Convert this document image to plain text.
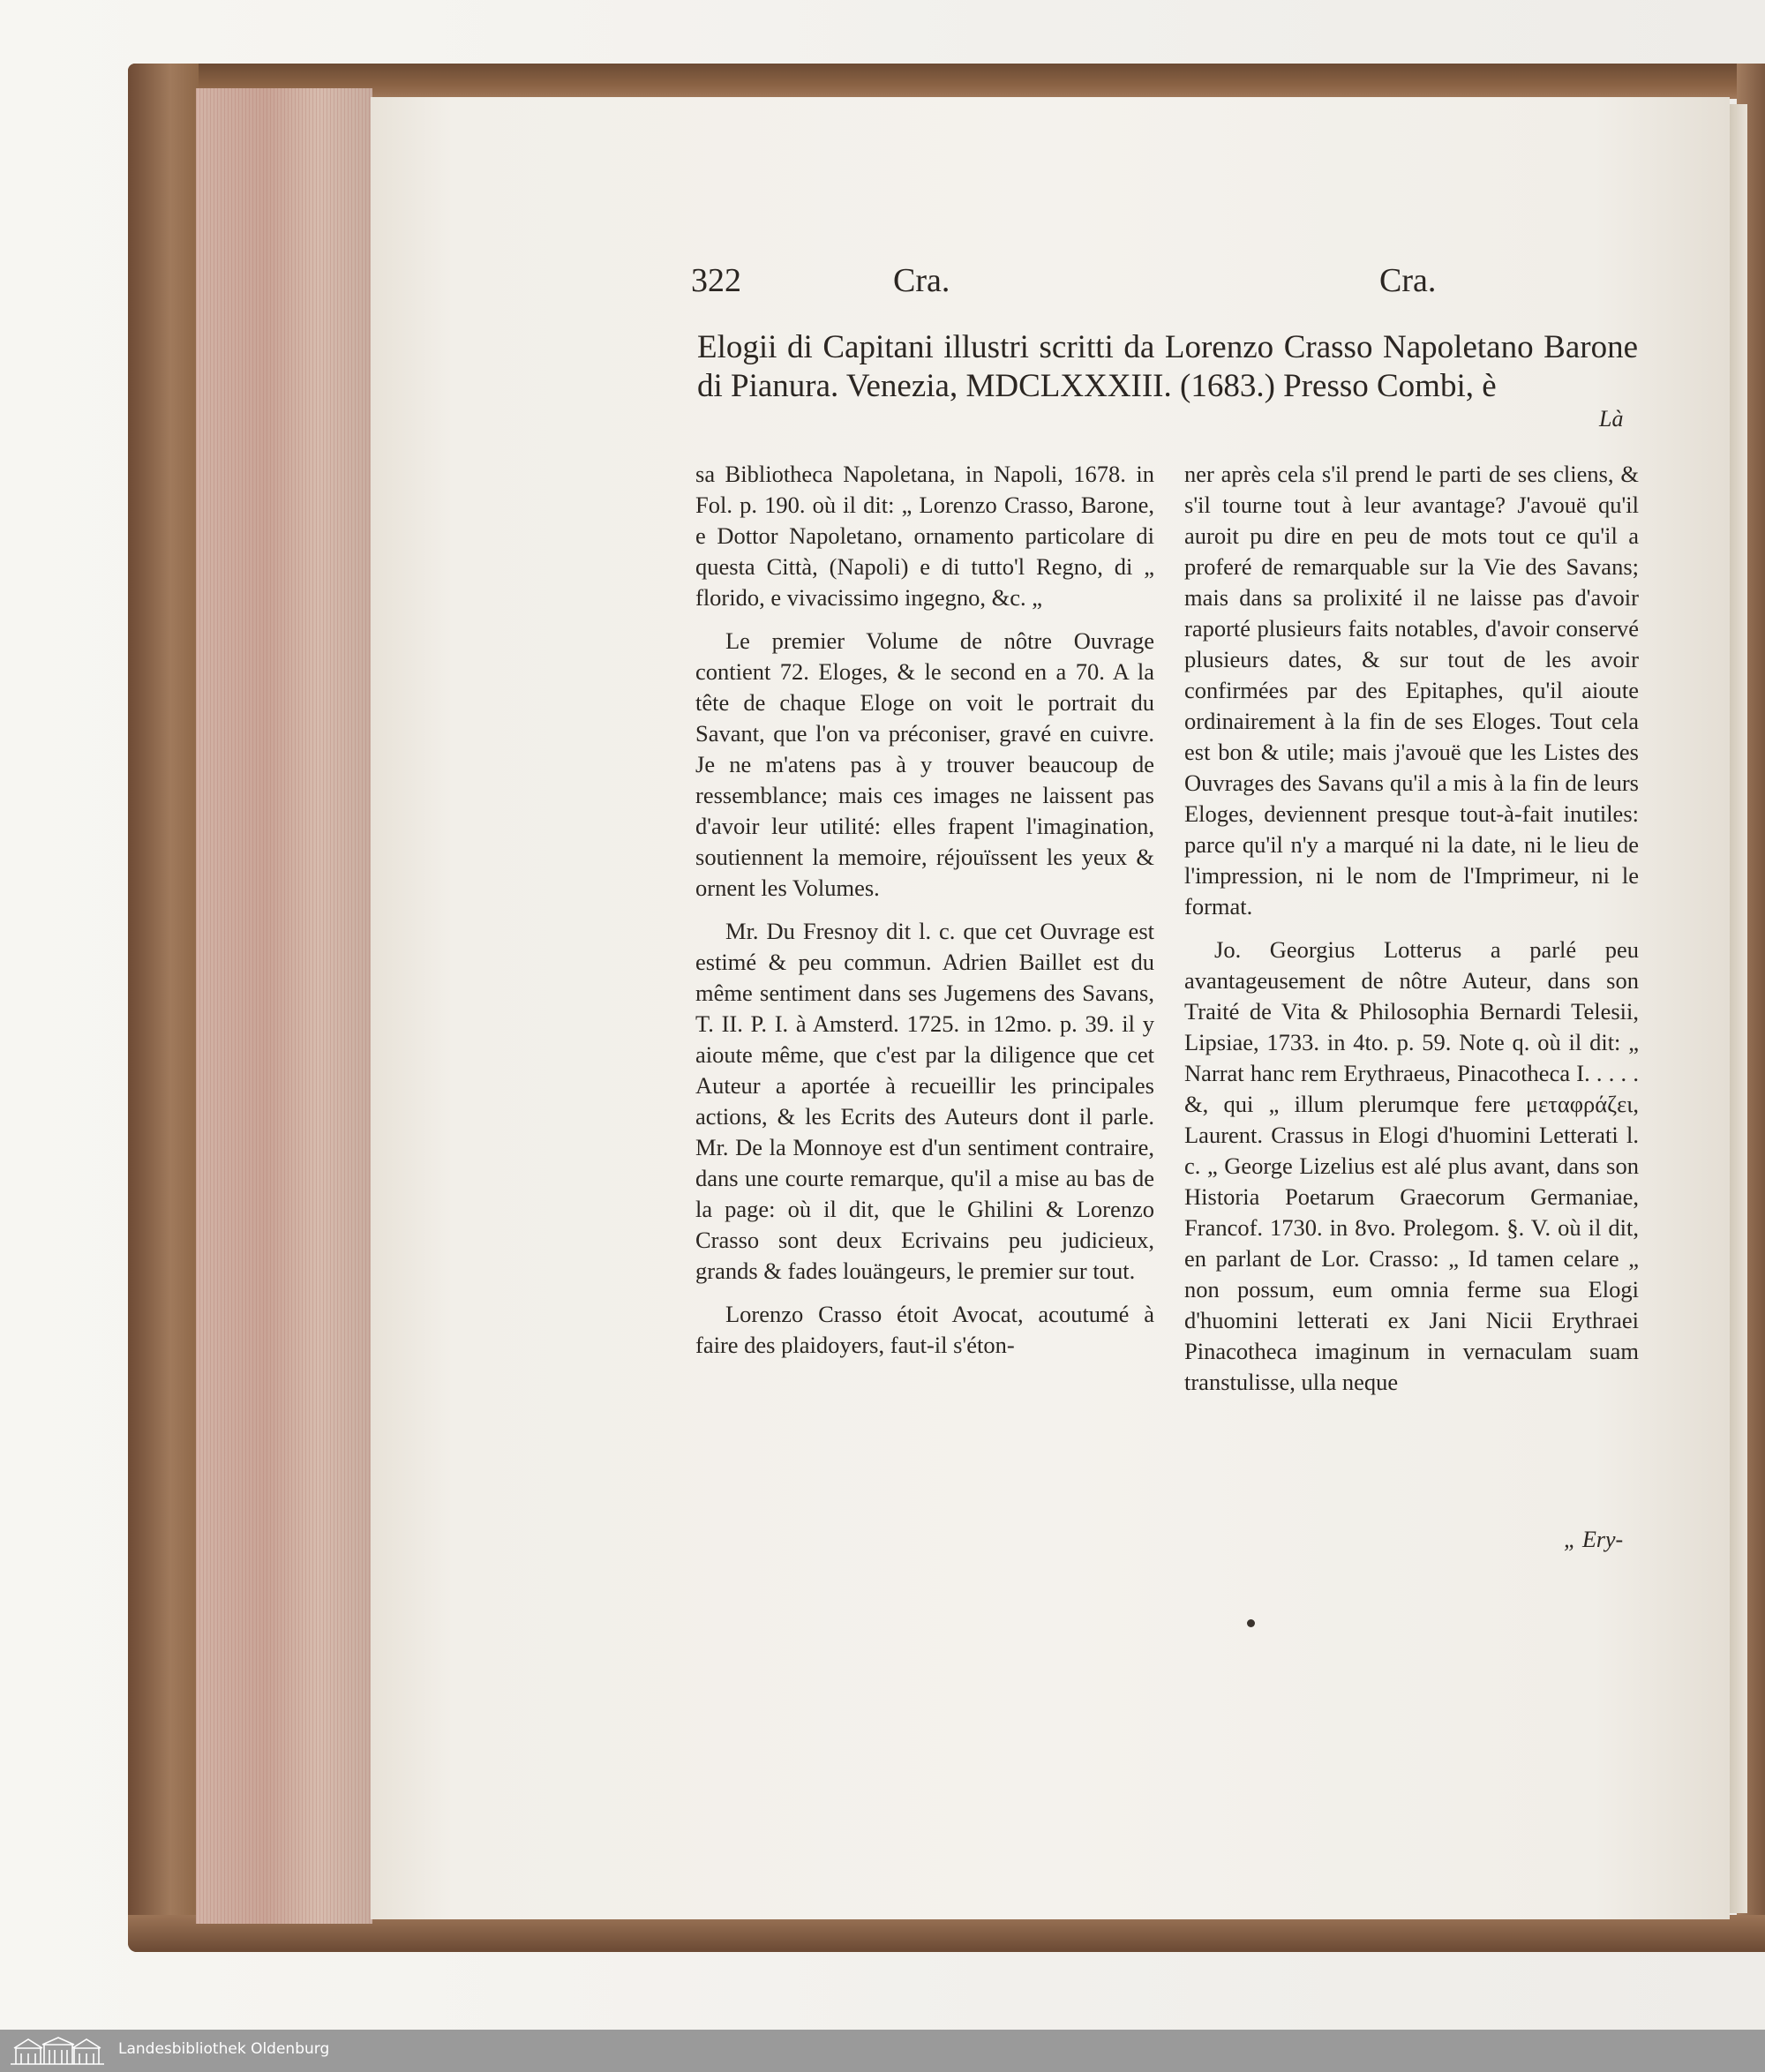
322	Cra.	Cra.
Elogii di Capitani illustri scritti da Lorenzo Crasso Napoletano Barone di Pianura. Venezia, MDCLXXXIII. (1683.) Presso Combi, è
Là

sa Bibliotheca Napoletana, in Napoli, 1678. in Fol. p. 190. où il dit: „ Lorenzo Crasso, Barone, e Dottor Napoletano, ornamento particolare di questa Città, (Napoli) e di tutto'l Regno, di „ florido, e vivacissimo ingegno, &c. „

Le premier Volume de nôtre Ouvrage contient 72. Eloges, & le second en a 70. A la tête de chaque Eloge on voit le portrait du Savant, que l'on va préconiser, gravé en cuivre. Je ne m'atens pas à y trouver beaucoup de ressemblance; mais ces images ne laissent pas d'avoir leur utilité: elles frapent l'imagination, soutiennent la memoire, réjouïssent les yeux & ornent les Volumes.

Mr. Du Fresnoy dit l. c. que cet Ouvrage est estimé & peu commun. Adrien Baillet est du même sentiment dans ses Jugemens des Savans, T. II. P. I. à Amsterd. 1725. in 12mo. p. 39. il y aioute même, que c'est par la diligence que cet Auteur a aportée à recueillir les principales actions, & les Ecrits des Auteurs dont il parle. Mr. De la Monnoye est d'un sentiment contraire, dans une courte remarque, qu'il a mise au bas de la page: où il dit, que le Ghilini & Lorenzo Crasso sont deux Ecrivains peu judicieux, grands & fades louängeurs, le premier sur tout.

Lorenzo Crasso étoit Avocat, acoutumé à faire des plaidoyers, faut-il s'éton-

ner après cela s'il prend le parti de ses cliens, & s'il tourne tout à leur avantage? J'avouë qu'il auroit pu dire en peu de mots tout ce qu'il a proferé de remarquable sur la Vie des Savans; mais dans sa prolixité il ne laisse pas d'avoir raporté plusieurs faits notables, d'avoir conservé plusieurs dates, & sur tout de les avoir confirmées par des Epitaphes, qu'il aioute ordinairement à la fin de ses Eloges. Tout cela est bon & utile; mais j'avouë que les Listes des Ouvrages des Savans qu'il a mis à la fin de leurs Eloges, deviennent presque tout-à-fait inutiles: parce qu'il n'y a marqué ni la date, ni le lieu de l'impression, ni le nom de l'Imprimeur, ni le format.

Jo. Georgius Lotterus a parlé peu avantageusement de nôtre Auteur, dans son Traité de Vita & Philosophia Bernardi Telesii, Lipsiae, 1733. in 4to. p. 59. Note q. où il dit: „ Narrat hanc rem Erythraeus, Pinacotheca I. . . . . &, qui „ illum plerumque fere μεταφράζει, Laurent. Crassus in Elogi d'huomini Letterati l. c. „ George Lizelius est alé plus avant, dans son Historia Poetarum Graecorum Germaniae, Francof. 1730. in 8vo. Prolegom. §. V. où il dit, en parlant de Lor. Crasso: „ Id tamen celare „ non possum, eum omnia ferme sua Elogi d'huomini letterati ex Jani Nicii Erythraei Pinacotheca imaginum in vernaculam suam transtulisse, ulla neque

„ Ery-
Landesbibliothek Oldenburg
